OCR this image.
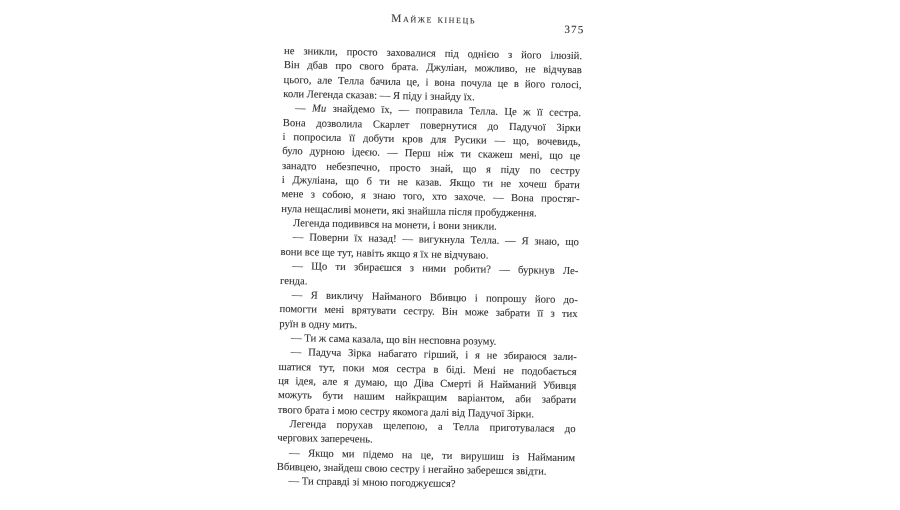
Майже кінець
375
не зникли, просто заховалися під однією з його ілюзій.
Він дбав про свого брата. Джуліан, можливо, не відчував
цього, але Телла бачила це, і вона почула це в його голосі,
коли Легенда сказав: — Я піду і знайду їх.
— Ми знайдемо їх, — поправила Телла. Це ж її сестра.
Вона дозволила Скарлет повернутися до Падучої Зірки
і попросила її добути кров для Русики — що, вочевидь,
було дурною ідеєю. — Перш ніж ти скажеш мені, що це
занадто небезпечно, просто знай, що я піду по сестру
і Джуліана, що б ти не казав. Якщо ти не хочеш брати
мене з собою, я знаю того, хто захоче. — Вона простяг-
нула нещасливі монети, які знайшла після пробудження.
Легенда подивився на монети, і вони зникли.
— Поверни їх назад! — вигукнула Телла. — Я знаю, що
вони все ще тут, навіть якщо я їх не відчуваю.
— Що ти збираєшся з ними робити? — буркнув Ле-
генда.
— Я викличу Найманого Вбивцю і попрошу його до-
помогти мені врятувати сестру. Він може забрати її з тих
руїн в одну мить.
— Ти ж сама казала, що він несповна розуму.
— Падуча Зірка набагато гірший, і я не збираюся зали-
шатися тут, поки моя сестра в біді. Мені не подобається
ця ідея, але я думаю, що Діва Смерті й Найманий Убивця
можуть бути нашим найкращим варіантом, аби забрати
твого брата і мою сестру якомога далі від Падучої Зірки.
Легенда порухав щелепою, а Телла приготувалася до
чергових заперечень.
— Якщо ми підемо на це, ти вирушиш із Найманим
Вбивцею, знайдеш свою сестру і негайно заберешся звідти.
— Ти справді зі мною погоджуєшся?
